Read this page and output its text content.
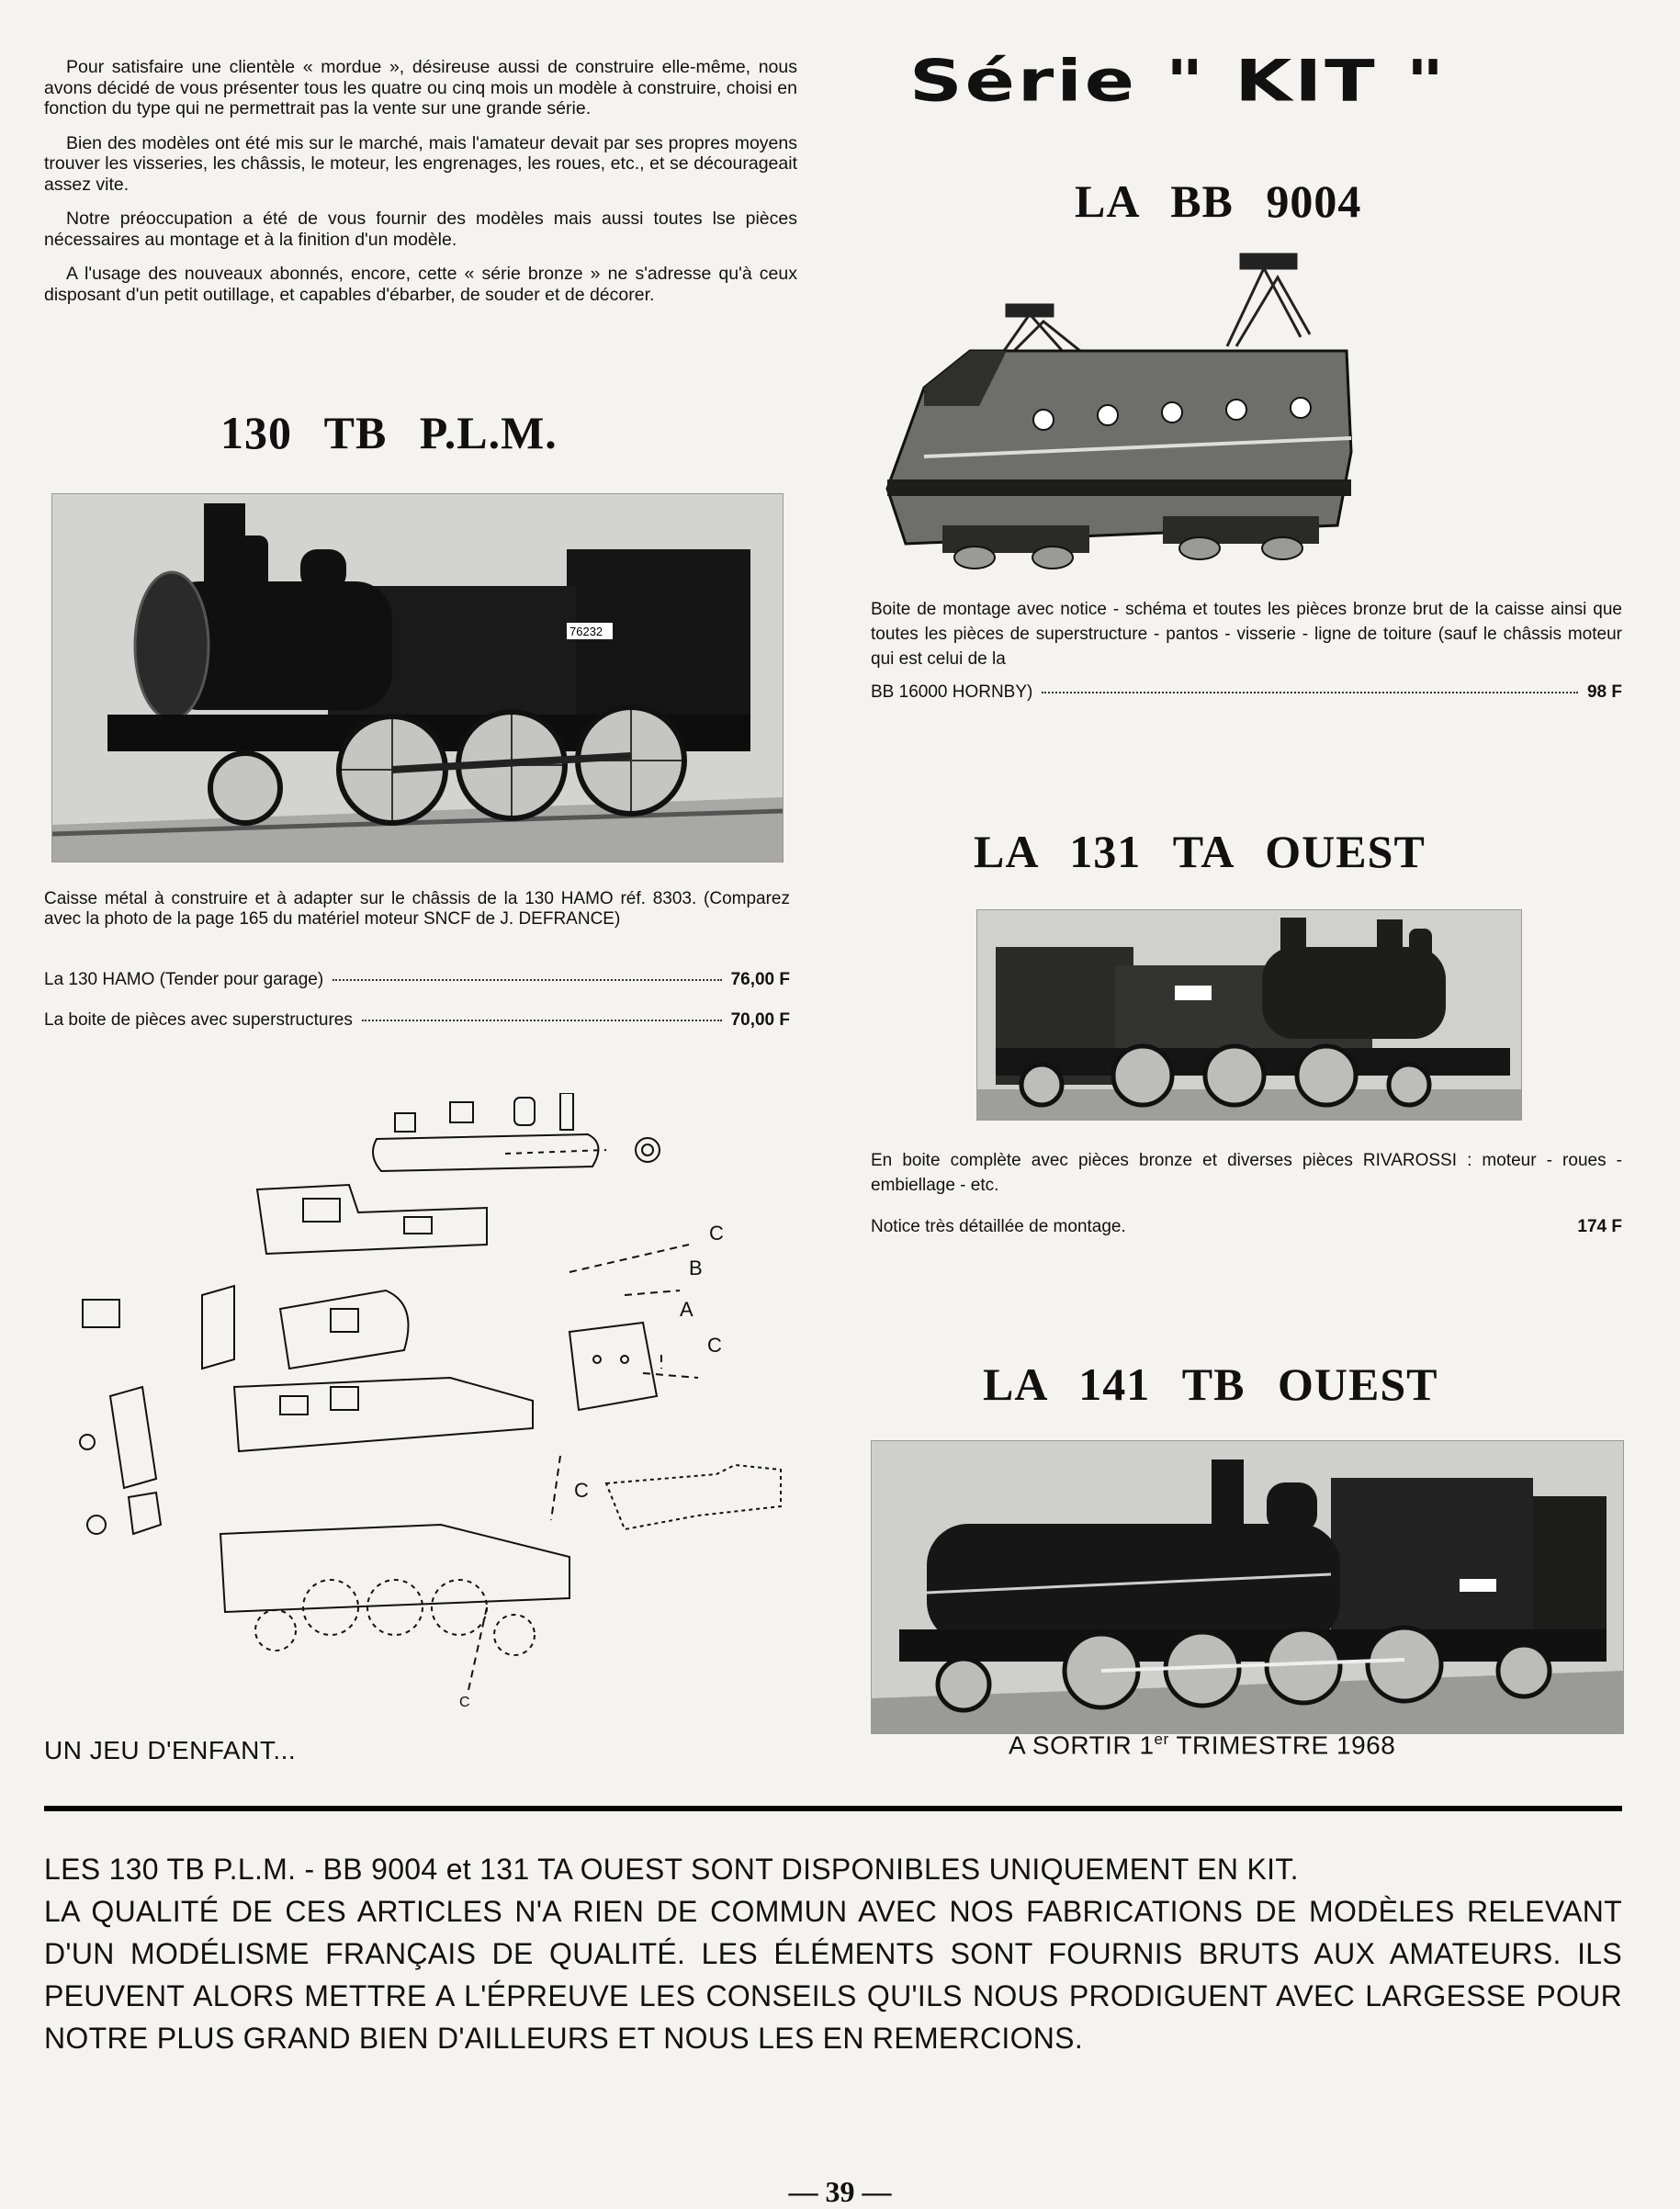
Pour satisfaire une clientèle « mordue », désireuse aussi de construire elle-même, nous avons décidé de vous présenter tous les quatre ou cinq mois un modèle à construire, choisi en fonction du type qui ne permettrait pas la vente sur une grande série.

Bien des modèles ont été mis sur le marché, mais l'amateur devait par ses propres moyens trouver les visseries, les châssis, le moteur, les engrenages, les roues, etc., et se décourageait assez vite.

Notre préoccupation a été de vous fournir des modèles mais aussi toutes lse pièces nécessaires au montage et à la finition d'un modèle.

A l'usage des nouveaux abonnés, encore, cette « série bronze » ne s'adresse qu'à ceux disposant d'un petit outillage, et capables d'ébarber, de souder et de décorer.

Série " KIT "
LA BB 9004
Boite de montage avec notice - schéma et toutes les pièces bronze brut de la caisse ainsi que toutes les pièces de superstructure - pantos - visserie - ligne de toiture (sauf le châssis moteur qui est celui de la
BB 16000 HORNBY)	98 F
130 TB P.L.M.
76232
Caisse métal à construire et à adapter sur le châssis de la 130 HAMO réf. 8303. (Comparez avec la photo de la page 165 du matériel moteur SNCF de J. DEFRANCE)
La 130 HAMO (Tender pour garage)	76,00 F
La boite de pièces avec superstructures	70,00 F
LA 131 TA OUEST
En boite complète avec pièces bronze et diverses pièces RIVAROSSI : moteur - roues - embiellage - etc.
Notice très détaillée de montage.	174 F
LA 141 TB OUEST
A SORTIR 1er TRIMESTRE 1968
C
B
A
C
C
C
UN JEU D'ENFANT...

LES 130 TB P.L.M. - BB 9004 et 131 TA OUEST SONT DISPONIBLES UNIQUEMENT EN KIT.

LA QUALITÉ DE CES ARTICLES N'A RIEN DE COMMUN AVEC NOS FABRICATIONS DE MODÈLES RELEVANT D'UN MODÉLISME FRANÇAIS DE QUALITÉ. LES ÉLÉMENTS SONT FOURNIS BRUTS AUX AMATEURS. ILS PEUVENT ALORS METTRE A L'ÉPREUVE LES CONSEILS QU'ILS NOUS PRODIGUENT AVEC LARGESSE POUR NOTRE PLUS GRAND BIEN D'AILLEURS ET NOUS LES EN REMERCIONS.

— 39 —
